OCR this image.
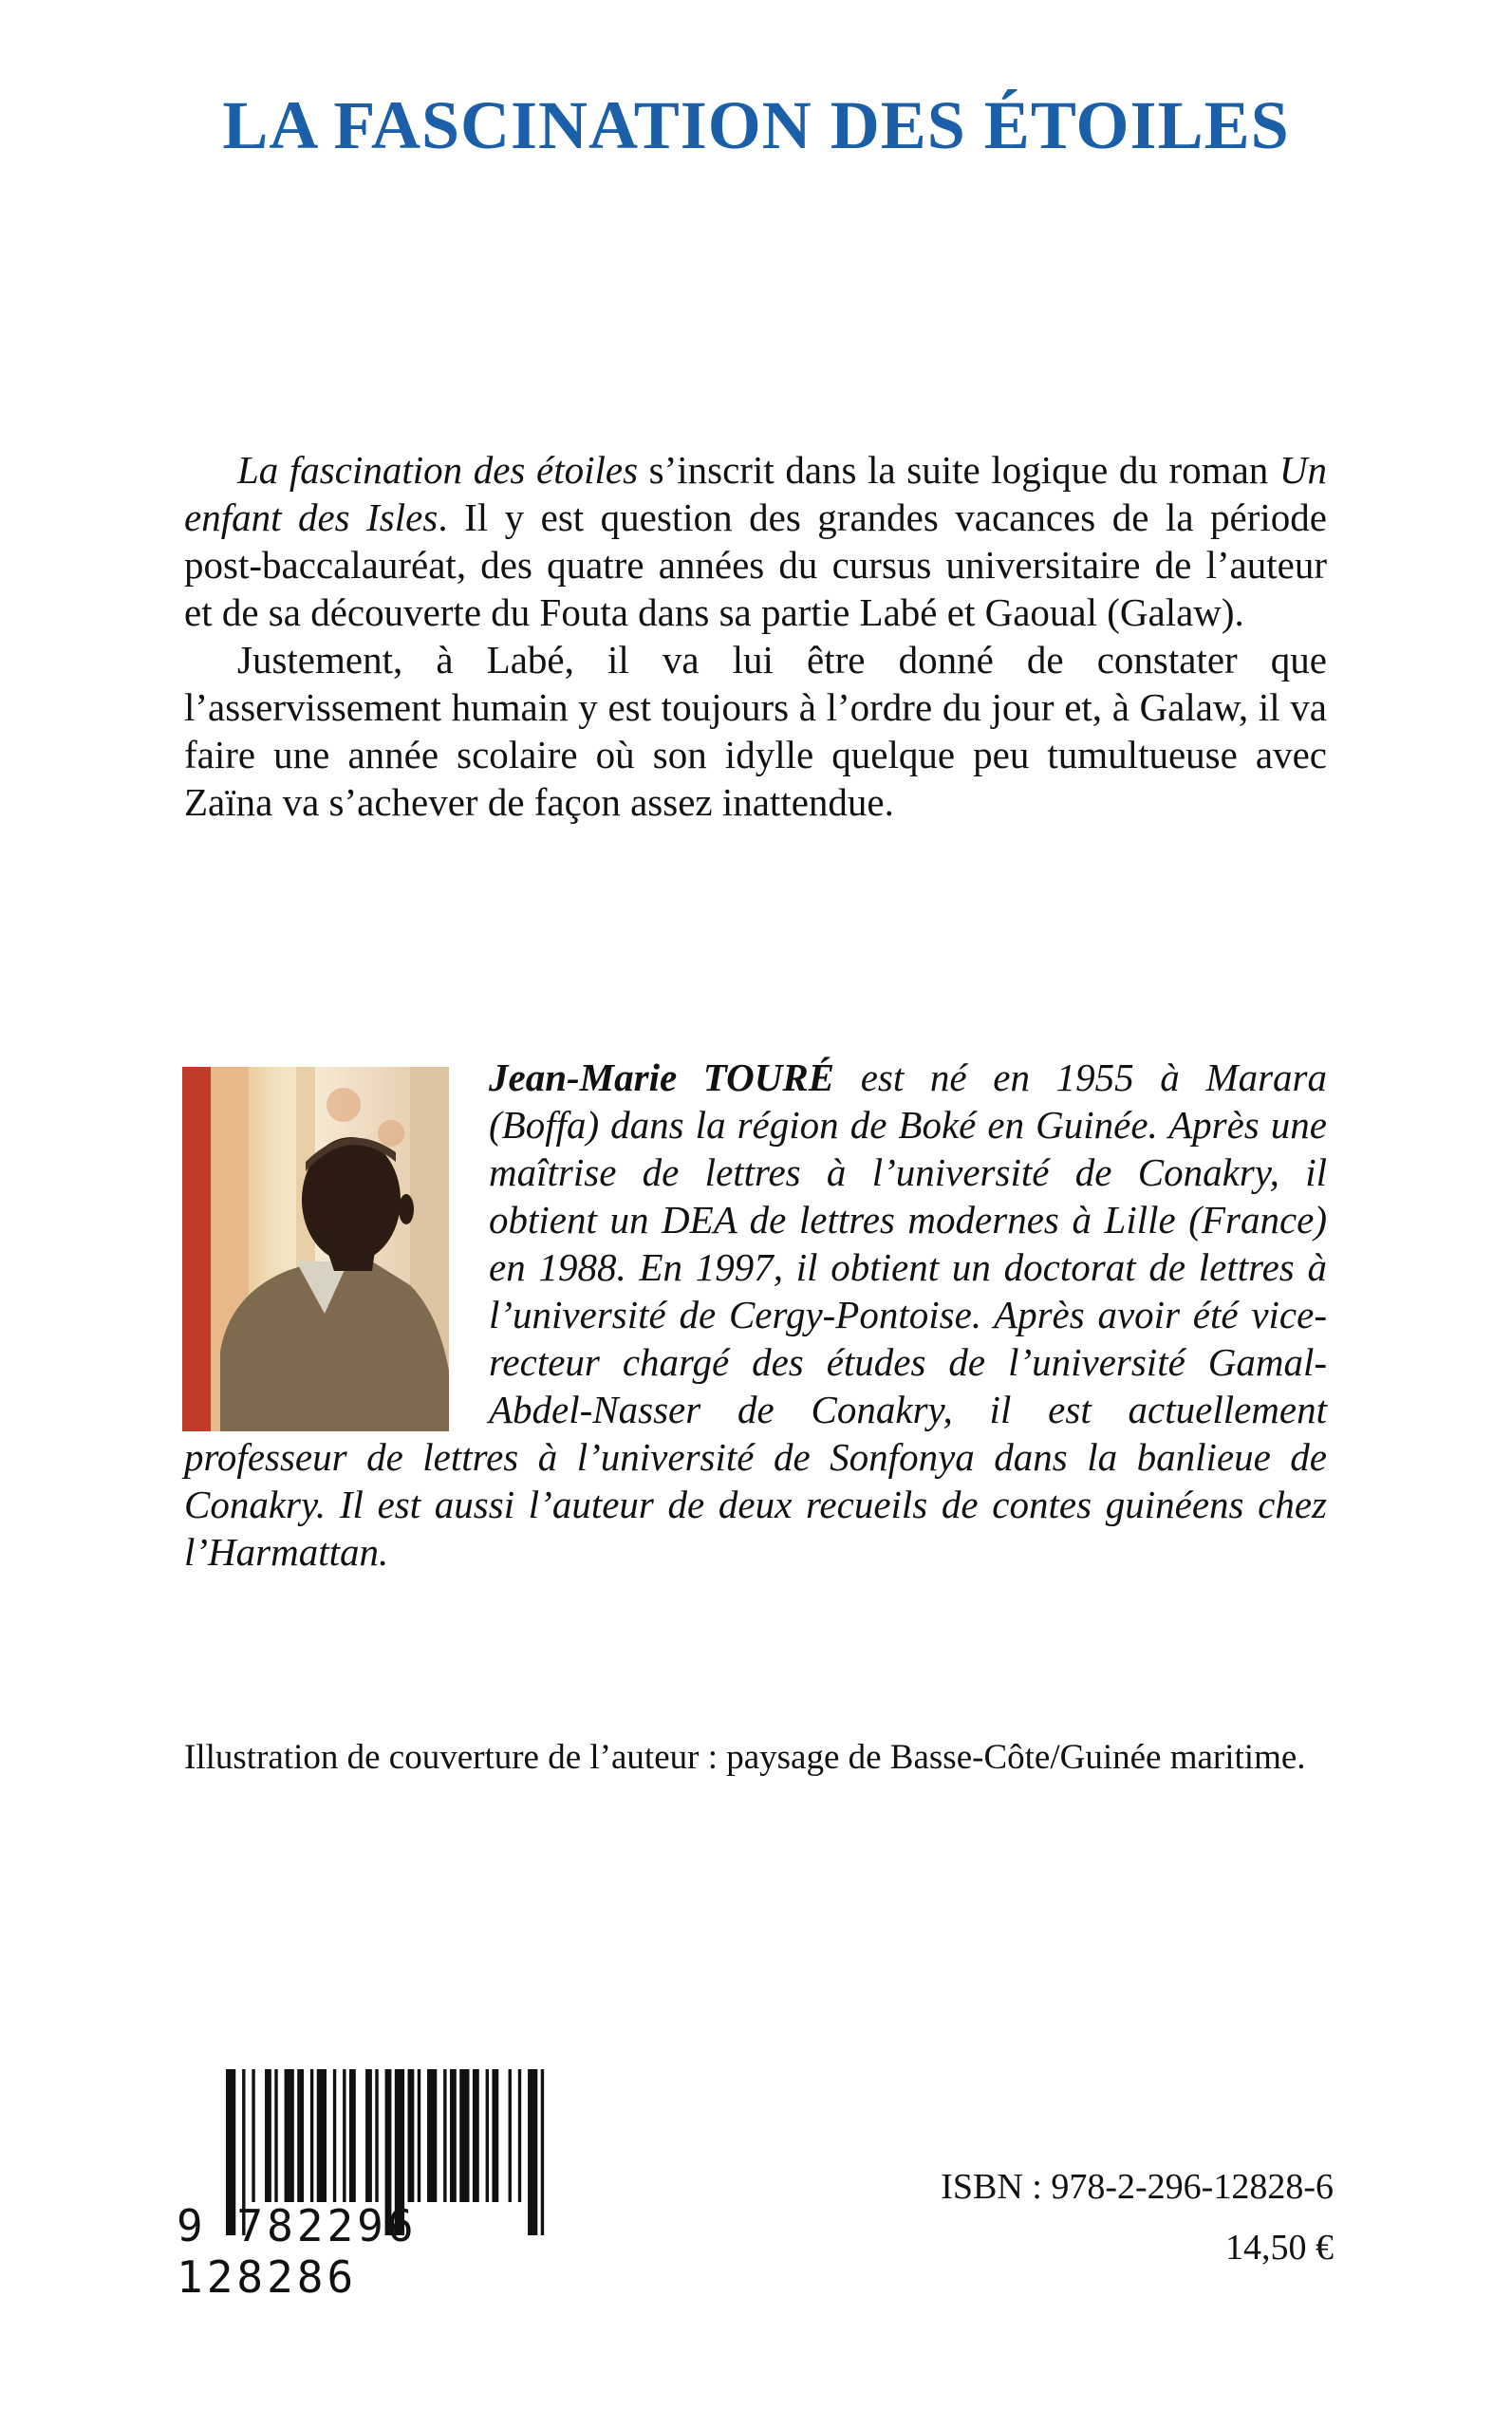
LA FASCINATION DES ÉTOILES

La fascination des étoiles s’inscrit dans la suite logique du roman Un enfant des Isles. Il y est question des grandes vacances de la période post-baccalauréat, des quatre années du cursus universitaire de l’auteur et de sa découverte du Fouta dans sa partie Labé et Gaoual (Galaw).

Justement, à Labé, il va lui être donné de constater que l’asservissement humain y est toujours à l’ordre du jour et, à Galaw, il va faire une année scolaire où son idylle quelque peu tumultueuse avec Zaïna va s’achever de façon assez inattendue.

Jean-Marie TOURÉ est né en 1955 à Marara (Boffa) dans la région de Boké en Guinée. Après une maîtrise de lettres à l’université de Conakry, il obtient un DEA de lettres modernes à Lille (France) en 1988. En 1997, il obtient un doctorat de lettres à l’université de Cergy-Pontoise. Après avoir été vice-recteur chargé des études de l’université Gamal-Abdel-Nasser de Conakry, il est actuellement professeur de lettres à l’université de Sonfonya dans la banlieue de Conakry. Il est aussi l’auteur de deux recueils de contes guinéens chez l’Harmattan.

Illustration de couverture de l’auteur : paysage de Basse-Côte/Guinée maritime.

9 782296 128286

ISBN : 978-2-296-12828-6

14,50 €
